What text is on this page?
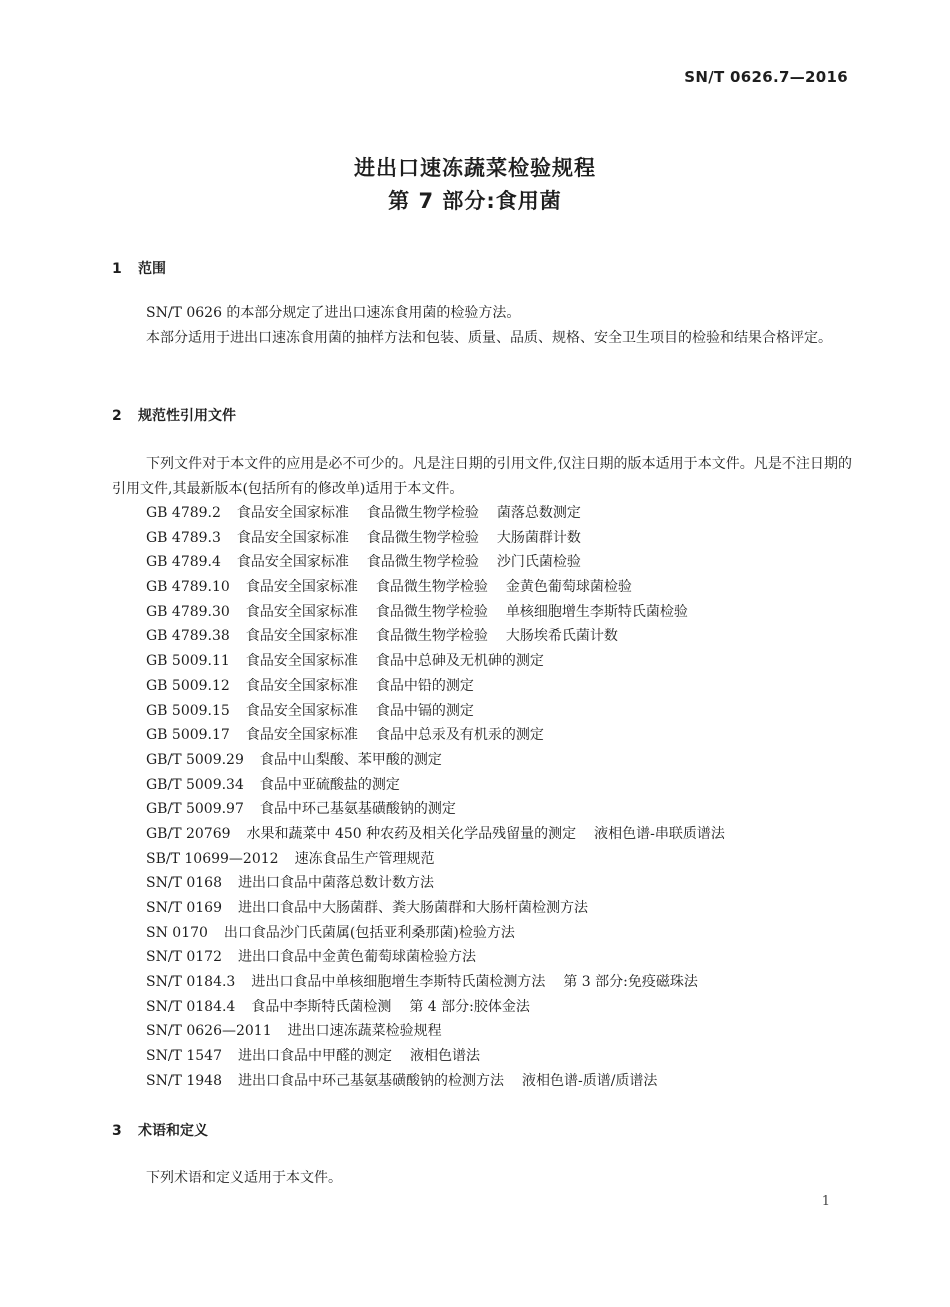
SN/T 0626.7—2016
进出口速冻蔬菜检验规程
第 7 部分:食用菌
1 范围
SN/T 0626 的本部分规定了进出口速冻食用菌的检验方法。
本部分适用于进出口速冻食用菌的抽样方法和包装、质量、品质、规格、安全卫生项目的检验和结果合格评定。
2 规范性引用文件
下列文件对于本文件的应用是必不可少的。凡是注日期的引用文件,仅注日期的版本适用于本文件。凡是不注日期的引用文件,其最新版本(包括所有的修改单)适用于本文件。
GB 4789.2 食品安全国家标准 食品微生物学检验 菌落总数测定
GB 4789.3 食品安全国家标准 食品微生物学检验 大肠菌群计数
GB 4789.4 食品安全国家标准 食品微生物学检验 沙门氏菌检验
GB 4789.10 食品安全国家标准 食品微生物学检验 金黄色葡萄球菌检验
GB 4789.30 食品安全国家标准 食品微生物学检验 单核细胞增生李斯特氏菌检验
GB 4789.38 食品安全国家标准 食品微生物学检验 大肠埃希氏菌计数
GB 5009.11 食品安全国家标准 食品中总砷及无机砷的测定
GB 5009.12 食品安全国家标准 食品中铅的测定
GB 5009.15 食品安全国家标准 食品中镉的测定
GB 5009.17 食品安全国家标准 食品中总汞及有机汞的测定
GB/T 5009.29 食品中山梨酸、苯甲酸的测定
GB/T 5009.34 食品中亚硫酸盐的测定
GB/T 5009.97 食品中环己基氨基磺酸钠的测定
GB/T 20769 水果和蔬菜中 450 种农药及相关化学品残留量的测定 液相色谱-串联质谱法
SB/T 10699—2012 速冻食品生产管理规范
SN/T 0168 进出口食品中菌落总数计数方法
SN/T 0169 进出口食品中大肠菌群、粪大肠菌群和大肠杆菌检测方法
SN 0170 出口食品沙门氏菌属(包括亚利桑那菌)检验方法
SN/T 0172 进出口食品中金黄色葡萄球菌检验方法
SN/T 0184.3 进出口食品中单核细胞增生李斯特氏菌检测方法 第 3 部分:免疫磁珠法
SN/T 0184.4 食品中李斯特氏菌检测 第 4 部分:胶体金法
SN/T 0626—2011 进出口速冻蔬菜检验规程
SN/T 1547 进出口食品中甲醛的测定 液相色谱法
SN/T 1948 进出口食品中环己基氨基磺酸钠的检测方法 液相色谱-质谱/质谱法
3 术语和定义
下列术语和定义适用于本文件。
1
